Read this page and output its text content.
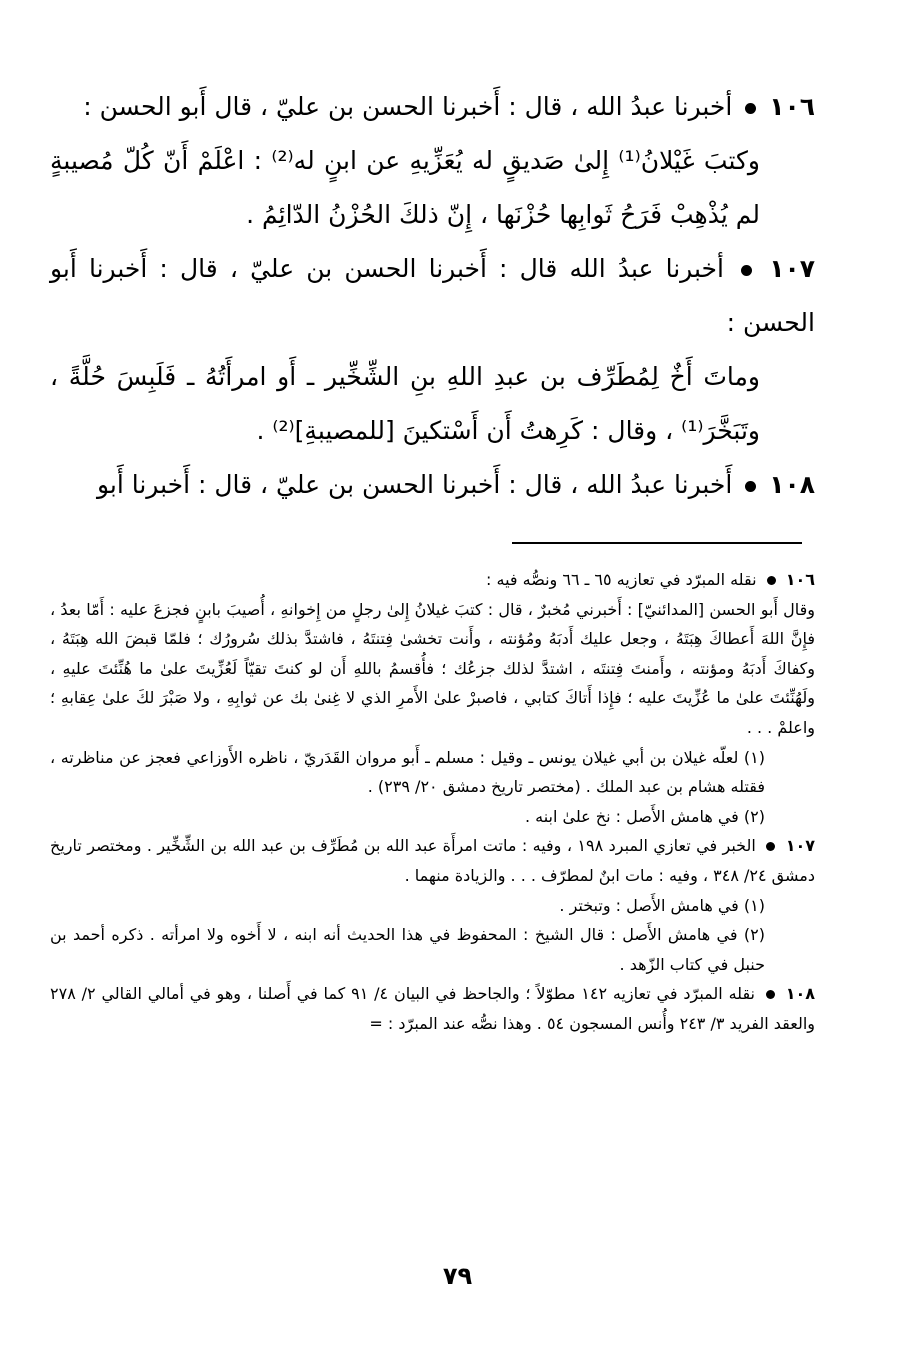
١٠٦  أخبرنا عبدُ الله ، قال : أَخبرنا الحسن بن عليّ ، قال أَبو الحسن :

وكتبَ غَيْلانُ⁽¹⁾ إِلىٰ صَديقٍ له يُعَزِّيهِ عن ابنٍ له⁽²⁾ : اعْلَمْ أَنّ كُلّ مُصيبةٍ لم يُذْهِبْ فَرَحُ ثَوابِها حُزْنَها ، إِنّ ذلكَ الحُزْنُ الدّائِمُ .

١٠٧  أخبرنا عبدُ الله قال : أَخبرنا الحسن بن عليّ ، قال : أَخبرنا أَبو الحسن :

وماتَ أَخٌ لِمُطَرِّف بن عبدِ اللهِ بنِ الشِّخِّير ـ أَو امرأَتُهُ ـ فَلَبِسَ حُلَّةً ، وتَبَخَّرَ⁽¹⁾ ، وقال : كَرِهتُ أَن أَسْتكينَ [للمصيبةِ]⁽²⁾ .

١٠٨  أَخبرنا عبدُ الله ، قال : أَخبرنا الحسن بن عليّ ، قال : أَخبرنا أَبو

١٠٦  نقله المبرّد في تعازيه ٦٥ ـ ٦٦ ونصُّه فيه :

وقال أَبو الحسن [المدائنيّ] : أَخبرني مُخبرٌ ، قال : كتبَ غيلانُ إِلىٰ رجلٍ من إِخوانهِ ، أُصيبَ بابنٍ فجزعَ عليه : أَمّا بعدُ ، فإِنَّ اللهَ أَعطاكَ هِبَتَهُ ، وجعل عليك أَدبَهُ ومُؤنته ، وأَنت تخشىٰ فِتنتَهُ ، فاشتدَّ بذلك سُرورُك ؛ فلمّا قبضَ الله هِبَتَهُ ، وكفاكَ أَدبَهُ ومؤنته ، وأَمنتَ فِتنتَه ، اشتدَّ لذلك جزعُك ؛ فأُقسمُ باللهِ أَن لو كنتَ تقيّاً لَعُزِّيتَ علىٰ ما هُنِّئتَ عليهِ ، ولَهُنِّئتَ علىٰ ما عُزِّيتَ عليه ؛ فإِذا أَتاكَ كتابي ، فاصبرْ علىٰ الأَمرِ الذي لا غِنىٰ بك عن ثوابِهِ ، ولا صَبْرَ لكَ علىٰ عِقابهِ ؛ واعلمْ . . .

(١) لعلّه غيلان بن أبي غيلان يونس ـ وقيل : مسلم ـ أَبو مروان القَدَريّ ، ناظره الأَوزاعي فعجز عن مناظرته ، فقتله هشام بن عبد الملك . (مختصر تاريخ دمشق ٢٠/ ٢٣٩) .

(٢) في هامش الأَصل : نخ علىٰ ابنه .

١٠٧  الخبر في تعازي المبرد ١٩٨ ، وفيه : ماتت امرأَة عبد الله بن مُطَرِّف بن عبد الله بن الشِّخِّير . ومختصر تاريخ دمشق ٢٤/ ٣٤٨ ، وفيه : مات ابنٌ لمطرّف . . . والزيادة منهما .

(١) في هامش الأَصل : وتبختر .

(٢) في هامش الأَصل : قال الشيخ : المحفوظ في هذا الحديث أنه ابنه ، لا أَخوه ولا امرأته . ذكره أحمد بن حنبل في كتاب الزّهد .

١٠٨  نقله المبرّد في تعازيه ١٤٢ مطوّلاً ؛ والجاحظ في البيان ٤/ ٩١ كما في أَصلنا ، وهو في أمالي القالي ٢/ ٢٧٨ والعقد الفريد ٣/ ٢٤٣ وأُنس المسجون ٥٤ . وهذا نصُّه عند المبرّد : =

٧٩
